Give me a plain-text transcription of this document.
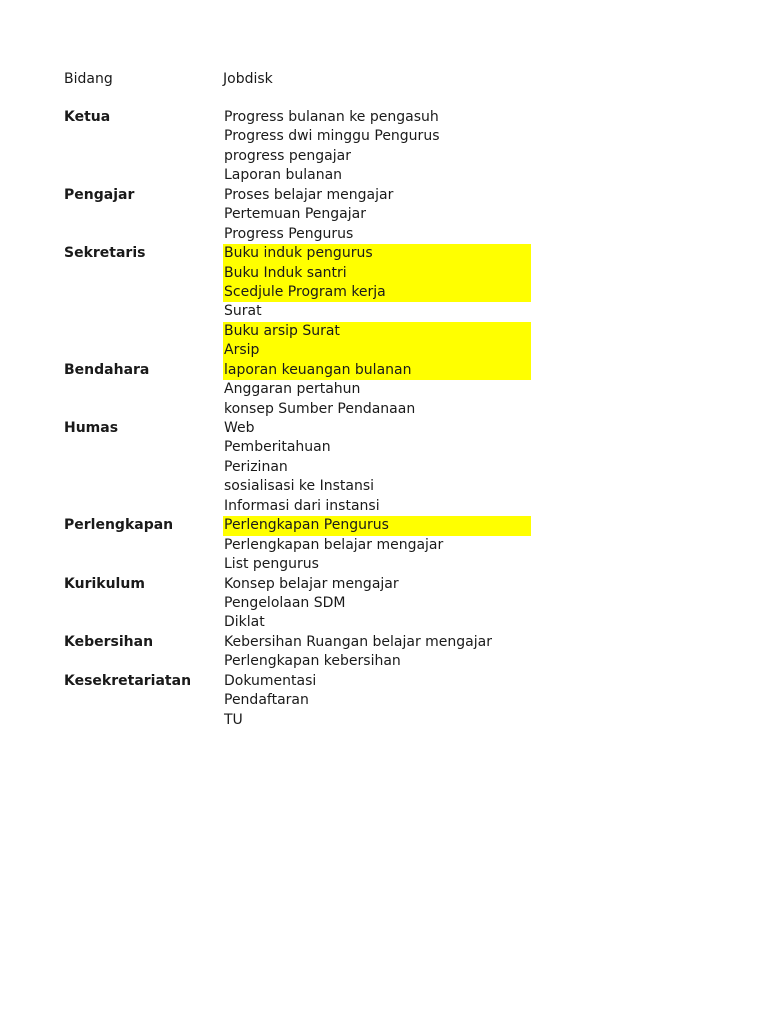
Bidang	Jobdisk
Ketua	Progress bulanan ke pengasuh
Progress dwi minggu Pengurus
progress pengajar
Laporan bulanan
Pengajar	Proses belajar mengajar
Pertemuan Pengajar
Progress Pengurus
Sekretaris	Buku induk pengurus
Buku Induk santri
Scedjule Program kerja
Surat
Buku arsip Surat
Arsip
Bendahara	laporan keuangan bulanan
Anggaran pertahun
konsep Sumber Pendanaan
Humas	Web
Pemberitahuan
Perizinan
sosialisasi ke Instansi
Informasi dari instansi
Perlengkapan	Perlengkapan Pengurus
Perlengkapan belajar mengajar
List pengurus
Kurikulum	Konsep belajar mengajar
Pengelolaan SDM
Diklat
Kebersihan	Kebersihan Ruangan belajar mengajar
Perlengkapan kebersihan
Kesekretariatan Dokumentasi
Pendaftaran
TU
